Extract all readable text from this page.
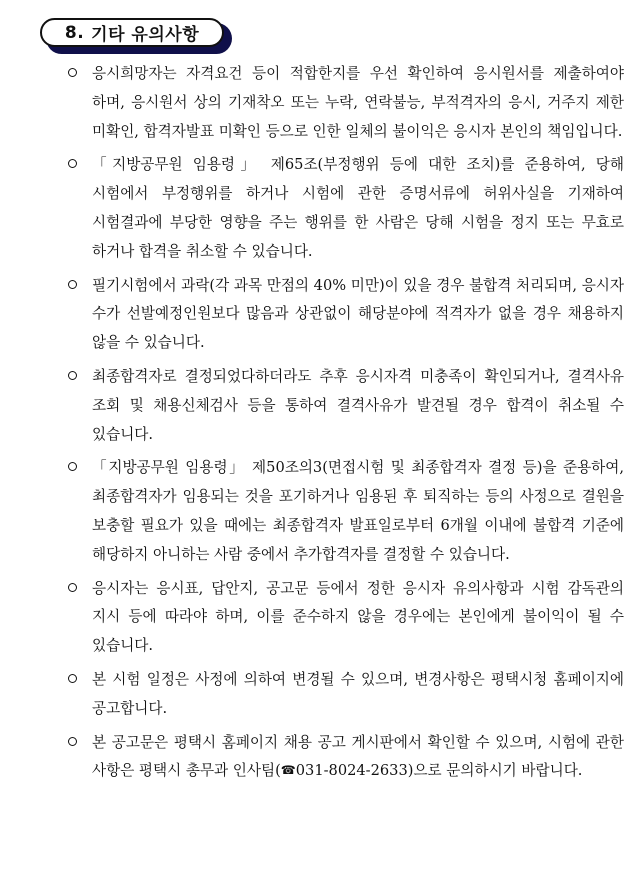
8. 기타 유의사항
응시희망자는 자격요건 등이 적합한지를 우선 확인하여 응시원서를 제출하여야 하며, 응시원서 상의 기재착오 또는 누락, 연락불능, 부적격자의 응시, 거주지 제한 미확인, 합격자발표 미확인 등으로 인한 일체의 불이익은 응시자 본인의 책임입니다.
「지방공무원 임용령」 제65조(부정행위 등에 대한 조치)를 준용하여, 당해 시험에서 부정행위를 하거나 시험에 관한 증명서류에 허위사실을 기재하여 시험결과에 부당한 영향을 주는 행위를 한 사람은 당해 시험을 정지 또는 무효로 하거나 합격을 취소할 수 있습니다.
필기시험에서 과락(각 과목 만점의 40% 미만)이 있을 경우 불합격 처리되며, 응시자 수가 선발예정인원보다 많음과 상관없이 해당분야에 적격자가 없을 경우 채용하지 않을 수 있습니다.
최종합격자로 결정되었다하더라도 추후 응시자격 미충족이 확인되거나, 결격사유 조회 및 채용신체검사 등을 통하여 결격사유가 발견될 경우 합격이 취소될 수 있습니다.
「지방공무원 임용령」 제50조의3(면접시험 및 최종합격자 결정 등)을 준용하여, 최종합격자가 임용되는 것을 포기하거나 임용된 후 퇴직하는 등의 사정으로 결원을 보충할 필요가 있을 때에는 최종합격자 발표일로부터 6개월 이내에 불합격 기준에 해당하지 아니하는 사람 중에서 추가합격자를 결정할 수 있습니다.
응시자는 응시표, 답안지, 공고문 등에서 정한 응시자 유의사항과 시험 감독관의 지시 등에 따라야 하며, 이를 준수하지 않을 경우에는 본인에게 불이익이 될 수 있습니다.
본 시험 일정은 사정에 의하여 변경될 수 있으며, 변경사항은 평택시청 홈페이지에 공고합니다.
본 공고문은 평택시 홈페이지 채용 공고 게시판에서 확인할 수 있으며, 시험에 관한 사항은 평택시 총무과 인사팀(☎031-8024-2633)으로 문의하시기 바랍니다.
